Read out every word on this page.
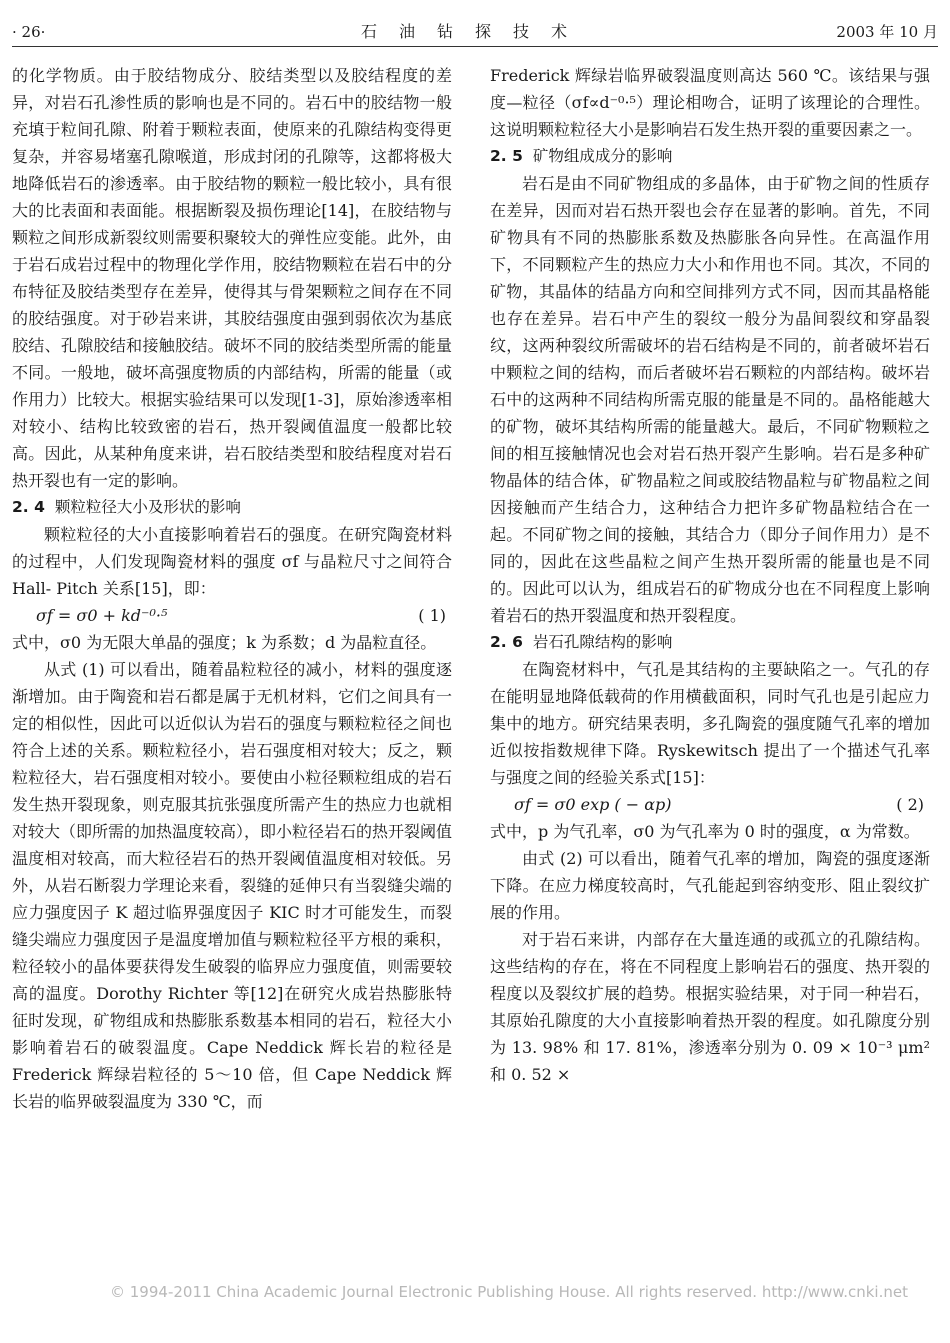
· 26·	石油钻探技术	2003 年 10 月

的化学物质。由于胶结物成分、胶结类型以及胶结程度的差异，对岩石孔渗性质的影响也是不同的。岩石中的胶结物一般充填于粒间孔隙、附着于颗粒表面，使原来的孔隙结构变得更复杂，并容易堵塞孔隙喉道，形成封闭的孔隙等，这都将极大地降低岩石的渗透率。由于胶结物的颗粒一般比较小，具有很大的比表面和表面能。根据断裂及损伤理论[14]，在胶结物与颗粒之间形成新裂纹则需要积聚较大的弹性应变能。此外，由于岩石成岩过程中的物理化学作用，胶结物颗粒在岩石中的分布特征及胶结类型存在差异，使得其与骨架颗粒之间存在不同的胶结强度。对于砂岩来讲，其胶结强度由强到弱依次为基底胶结、孔隙胶结和接触胶结。破坏不同的胶结类型所需的能量不同。一般地，破坏高强度物质的内部结构，所需的能量（或作用力）比较大。根据实验结果可以发现[1-3]，原始渗透率相对较小、结构比较致密的岩石，热开裂阈值温度一般都比较高。因此，从某种角度来讲，岩石胶结类型和胶结程度对岩石热开裂也有一定的影响。

2. 4 颗粒粒径大小及形状的影响

颗粒粒径的大小直接影响着岩石的强度。在研究陶瓷材料的过程中，人们发现陶瓷材料的强度 σf 与晶粒尺寸之间符合 Hall- Pitch 关系[15]，即：

σf = σ0 + kd⁻⁰·⁵	( 1)

式中，σ0 为无限大单晶的强度；k 为系数；d 为晶粒直径。

从式 (1) 可以看出，随着晶粒粒径的减小，材料的强度逐渐增加。由于陶瓷和岩石都是属于无机材料，它们之间具有一定的相似性，因此可以近似认为岩石的强度与颗粒粒径之间也符合上述的关系。颗粒粒径小，岩石强度相对较大；反之，颗粒粒径大，岩石强度相对较小。要使由小粒径颗粒组成的岩石发生热开裂现象，则克服其抗张强度所需产生的热应力也就相对较大（即所需的加热温度较高），即小粒径岩石的热开裂阈值温度相对较高，而大粒径岩石的热开裂阈值温度相对较低。另外，从岩石断裂力学理论来看，裂缝的延伸只有当裂缝尖端的应力强度因子 K 超过临界强度因子 KIC 时才可能发生，而裂缝尖端应力强度因子是温度增加值与颗粒粒径平方根的乘积，粒径较小的晶体要获得发生破裂的临界应力强度值，则需要较高的温度。Dorothy Richter 等[12]在研究火成岩热膨胀特征时发现，矿物组成和热膨胀系数基本相同的岩石，粒径大小影响着岩石的破裂温度。Cape Neddick 辉长岩的粒径是 Frederick 辉绿岩粒径的 5～10 倍，但 Cape Neddick 辉长岩的临界破裂温度为 330 ℃，而

Frederick 辉绿岩临界破裂温度则高达 560 ℃。该结果与强度—粒径（σf∝d⁻⁰·⁵）理论相吻合，证明了该理论的合理性。这说明颗粒粒径大小是影响岩石发生热开裂的重要因素之一。

2. 5 矿物组成成分的影响

岩石是由不同矿物组成的多晶体，由于矿物之间的性质存在差异，因而对岩石热开裂也会存在显著的影响。首先，不同矿物具有不同的热膨胀系数及热膨胀各向异性。在高温作用下，不同颗粒产生的热应力大小和作用也不同。其次，不同的矿物，其晶体的结晶方向和空间排列方式不同，因而其晶格能也存在差异。岩石中产生的裂纹一般分为晶间裂纹和穿晶裂纹，这两种裂纹所需破坏的岩石结构是不同的，前者破坏岩石中颗粒之间的结构，而后者破坏岩石颗粒的内部结构。破坏岩石中的这两种不同结构所需克服的能量是不同的。晶格能越大的矿物，破坏其结构所需的能量越大。最后，不同矿物颗粒之间的相互接触情况也会对岩石热开裂产生影响。岩石是多种矿物晶体的结合体，矿物晶粒之间或胶结物晶粒与矿物晶粒之间因接触而产生结合力，这种结合力把许多矿物晶粒结合在一起。不同矿物之间的接触，其结合力（即分子间作用力）是不同的，因此在这些晶粒之间产生热开裂所需的能量也是不同的。因此可以认为，组成岩石的矿物成分也在不同程度上影响着岩石的热开裂温度和热开裂程度。

2. 6 岩石孔隙结构的影响

在陶瓷材料中，气孔是其结构的主要缺陷之一。气孔的存在能明显地降低载荷的作用横截面积，同时气孔也是引起应力集中的地方。研究结果表明，多孔陶瓷的强度随气孔率的增加近似按指数规律下降。Ryskewitsch 提出了一个描述气孔率与强度之间的经验关系式[15]：

σf = σ0 exp ( − αp)	( 2)

式中，p 为气孔率，σ0 为气孔率为 0 时的强度，α 为常数。

由式 (2) 可以看出，随着气孔率的增加，陶瓷的强度逐渐下降。在应力梯度较高时，气孔能起到容纳变形、阻止裂纹扩展的作用。

对于岩石来讲，内部存在大量连通的或孤立的孔隙结构。这些结构的存在，将在不同程度上影响岩石的强度、热开裂的程度以及裂纹扩展的趋势。根据实验结果，对于同一种岩石，其原始孔隙度的大小直接影响着热开裂的程度。如孔隙度分别为 13. 98% 和 17. 81%，渗透率分别为 0. 09 × 10⁻³ μm² 和 0. 52 ×

© 1994-2011 China Academic Journal Electronic Publishing House. All rights reserved. http://www.cnki.net
